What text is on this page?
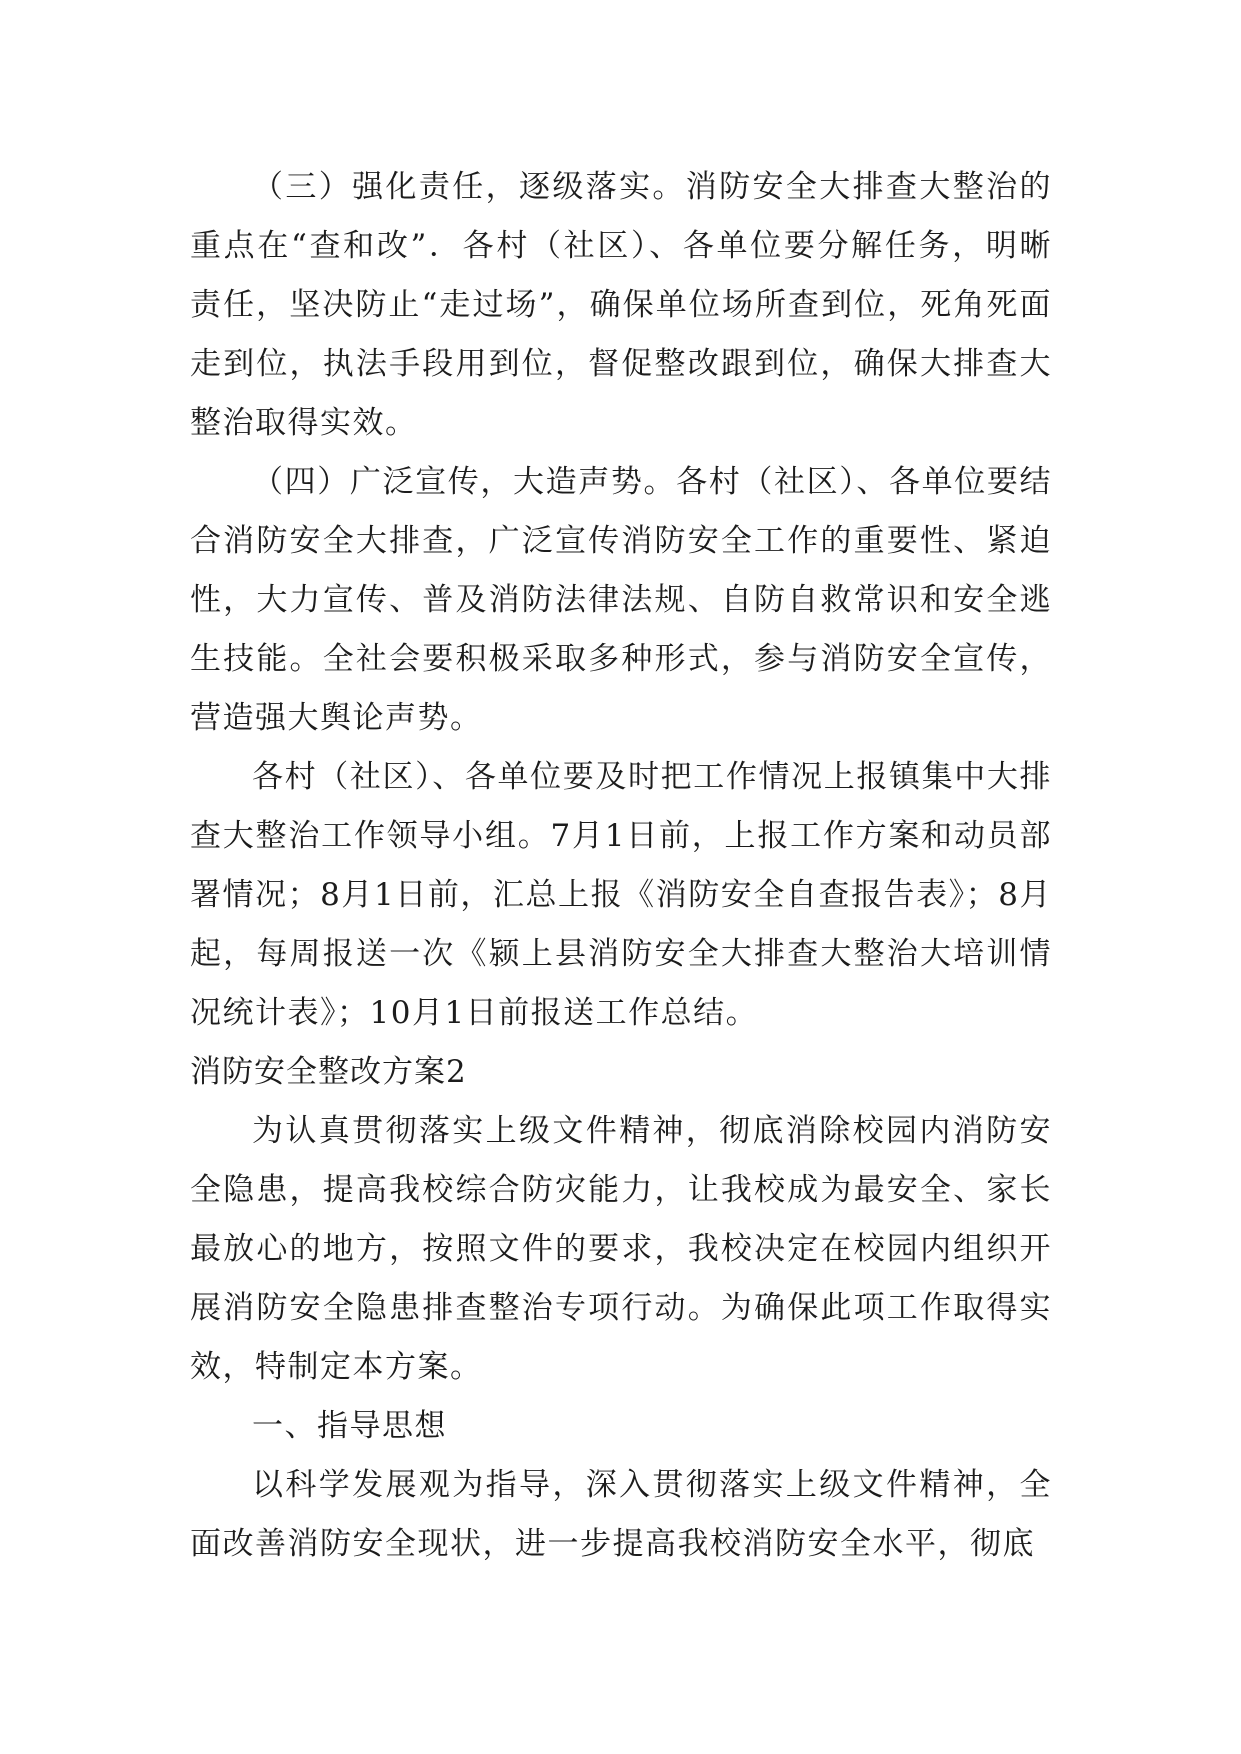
（三）强化责任，逐级落实。消防安全大排查大整治的重点在“查和改”．各村（社区）、各单位要分解任务，明晰责任，坚决防止“走过场”，确保单位场所查到位，死角死面走到位，执法手段用到位，督促整改跟到位，确保大排查大整治取得实效。

（四）广泛宣传，大造声势。各村（社区）、各单位要结合消防安全大排查，广泛宣传消防安全工作的重要性、紧迫性，大力宣传、普及消防法律法规、自防自救常识和安全逃生技能。全社会要积极采取多种形式，参与消防安全宣传，营造强大舆论声势。

各村（社区）、各单位要及时把工作情况上报镇集中大排查大整治工作领导小组。7月1日前，上报工作方案和动员部署情况；8月1日前，汇总上报《消防安全自查报告表》；8月起，每周报送一次《颍上县消防安全大排查大整治大培训情况统计表》；10月1日前报送工作总结。

消防安全整改方案2

为认真贯彻落实上级文件精神，彻底消除校园内消防安全隐患，提高我校综合防灾能力，让我校成为最安全、家长最放心的地方，按照文件的要求，我校决定在校园内组织开展消防安全隐患排查整治专项行动。为确保此项工作取得实效，特制定本方案。

一、指导思想

以科学发展观为指导，深入贯彻落实上级文件精神，全面改善消防安全现状，进一步提高我校消防安全水平，彻底
